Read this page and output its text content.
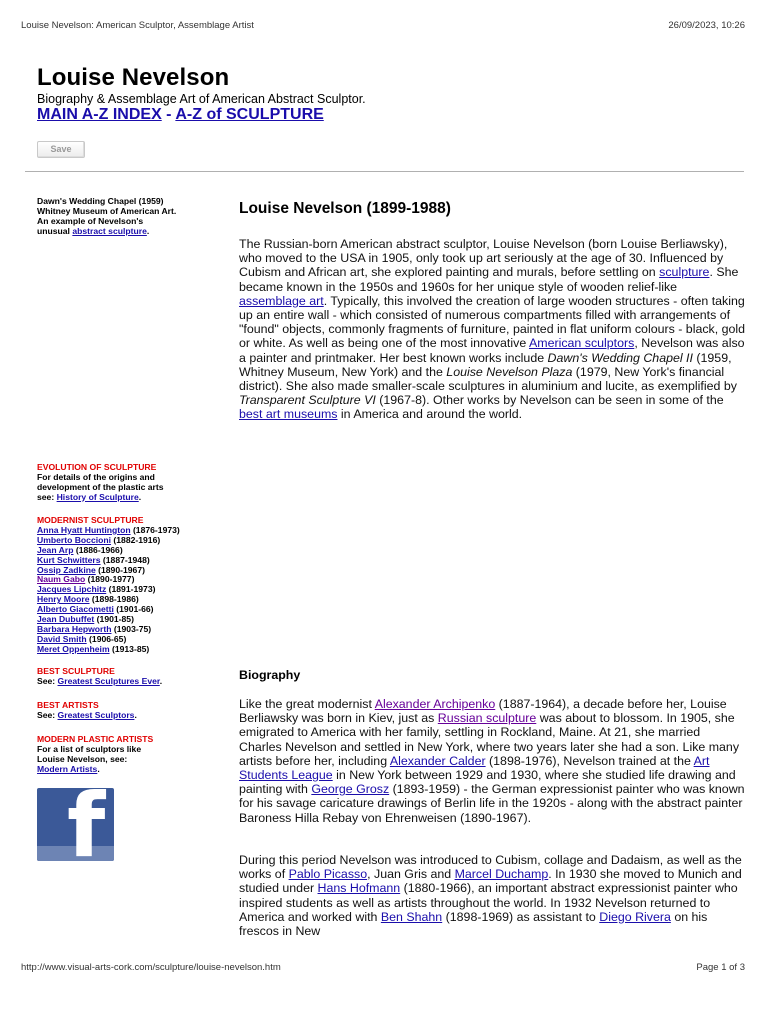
Louise Nevelson: American Sculptor, Assemblage Artist	26/09/2023, 10:26
Louise Nevelson

Biography & Assemblage Art of American Abstract Sculptor.

MAIN A-Z INDEX - A-Z of SCULPTURE
Save
Dawn's Wedding Chapel (1959)
Whitney Museum of American Art.
An example of Nevelson's
unusual abstract sculpture.
EVOLUTION OF SCULPTURE
For details of the origins and
development of the plastic arts
see: History of Sculpture.
MODERNIST SCULPTURE
Anna Hyatt Huntington (1876-1973)
Umberto Boccioni (1882-1916)
Jean Arp (1886-1966)
Kurt Schwitters (1887-1948)
Ossip Zadkine (1890-1967)
Naum Gabo (1890-1977)
Jacques Lipchitz (1891-1973)
Henry Moore (1898-1986)
Alberto Giacometti (1901-66)
Jean Dubuffet (1901-85)
Barbara Hepworth (1903-75)
David Smith (1906-65)
Meret Oppenheim (1913-85)
BEST SCULPTURE
See: Greatest Sculptures Ever.
BEST ARTISTS
See: Greatest Sculptors.
MODERN PLASTIC ARTISTS
For a list of sculptors like
Louise Nevelson, see:
Modern Artists.
f
Louise Nevelson (1899-1988)

The Russian-born American abstract sculptor, Louise Nevelson (born Louise Berliawsky), who moved to the USA in 1905, only took up art seriously at the age of 30. Influenced by Cubism and African art, she explored painting and murals, before settling on sculpture. She became known in the 1950s and 1960s for her unique style of wooden relief-like assemblage art. Typically, this involved the creation of large wooden structures - often taking up an entire wall - which consisted of numerous compartments filled with arrangements of "found" objects, commonly fragments of furniture, painted in flat uniform colours - black, gold or white. As well as being one of the most innovative American sculptors, Nevelson was also a painter and printmaker. Her best known works include Dawn's Wedding Chapel II (1959, Whitney Museum, New York) and the Louise Nevelson Plaza (1979, New York's financial district). She also made smaller-scale sculptures in aluminium and lucite, as exemplified by Transparent Sculpture VI (1967-8). Other works by Nevelson can be seen in some of the best art museums in America and around the world.

Biography

Like the great modernist Alexander Archipenko (1887-1964), a decade before her, Louise Berliawsky was born in Kiev, just as Russian sculpture was about to blossom. In 1905, she emigrated to America with her family, settling in Rockland, Maine. At 21, she married Charles Nevelson and settled in New York, where two years later she had a son. Like many artists before her, including Alexander Calder (1898-1976), Nevelson trained at the Art Students League in New York between 1929 and 1930, where she studied life drawing and painting with George Grosz (1893-1959) - the German expressionist painter who was known for his savage caricature drawings of Berlin life in the 1920s - along with the abstract painter Baroness Hilla Rebay von Ehrenweisen (1890-1967).

During this period Nevelson was introduced to Cubism, collage and Dadaism, as well as the works of Pablo Picasso, Juan Gris and Marcel Duchamp. In 1930 she moved to Munich and studied under Hans Hofmann (1880-1966), an important abstract expressionist painter who inspired students as well as artists throughout the world. In 1932 Nevelson returned to America and worked with Ben Shahn (1898-1969) as assistant to Diego Rivera on his frescos in New

http://www.visual-arts-cork.com/sculpture/louise-nevelson.htm	Page 1 of 3
